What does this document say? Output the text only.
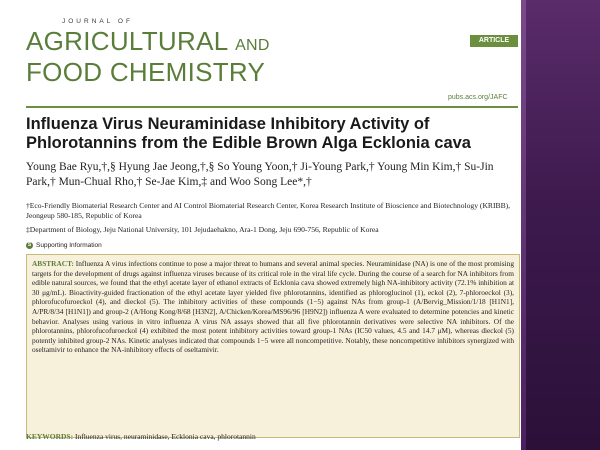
JOURNAL OF
AGRICULTURAL AND
FOOD CHEMISTRY
ARTICLE
pubs.acs.org/JAFC
Influenza Virus Neuraminidase Inhibitory Activity of Phlorotannins from the Edible Brown Alga Ecklonia cava
Young Bae Ryu,†,§ Hyung Jae Jeong,†,§ So Young Yoon,† Ji-Young Park,† Young Min Kim,† Su-Jin Park,† Mun-Chual Rho,† Se-Jae Kim,‡ and Woo Song Lee*,†
†Eco-Friendly Biomaterial Research Center and AI Control Biomaterial Research Center, Korea Research Institute of Bioscience and Biotechnology (KRIBB), Jeongeup 580-185, Republic of Korea
‡Department of Biology, Jeju National University, 101 Jejudaehakno, Ara-1 Dong, Jeju 690-756, Republic of Korea
S Supporting Information
ABSTRACT: Influenza A virus infections continue to pose a major threat to humans and several animal species. Neuraminidase (NA) is one of the most promising targets for the development of drugs against influenza viruses because of its critical role in the viral life cycle. During the course of a search for NA inhibitors from edible natural sources, we found that the ethyl acetate layer of ethanol extracts of Ecklonia cava showed extremely high NA-inhibitory activity (72.1% inhibition at 30 μg/mL). Bioactivity-guided fractionation of the ethyl acetate layer yielded five phlorotannins, identified as phloroglucinol (1), eckol (2), 7-phloroeckol (3), phlorofucofuroeckol (4), and dieckol (5). The inhibitory activities of these compounds (1−5) against NAs from group-1 (A/Bervig_Mission/1/18 [H1N1], A/PR/8/34 [H1N1]) and group-2 (A/Hong Kong/8/68 [H3N2], A/Chicken/Korea/MS96/96 [H9N2]) influenza A were evaluated to determine potencies and kinetic behavior. Analyses using various in vitro influenza A virus NA assays showed that all five phlorotannin derivatives were selective NA inhibitors. Of the phlorotannins, phlorofucofuroeckol (4) exhibited the most potent inhibitory activities toward group-1 NAs (IC50 values, 4.5 and 14.7 μM), whereas dieckol (5) potently inhibited group-2 NAs. Kinetic analyses indicated that compounds 1−5 were all noncompetitive. Notably, these noncompetitive inhibitors synergized with oseltamivir to enhance the NA-inhibitory effects of oseltamivir.
KEYWORDS: Influenza virus, neuraminidase, Ecklonia cava, phlorotannin
